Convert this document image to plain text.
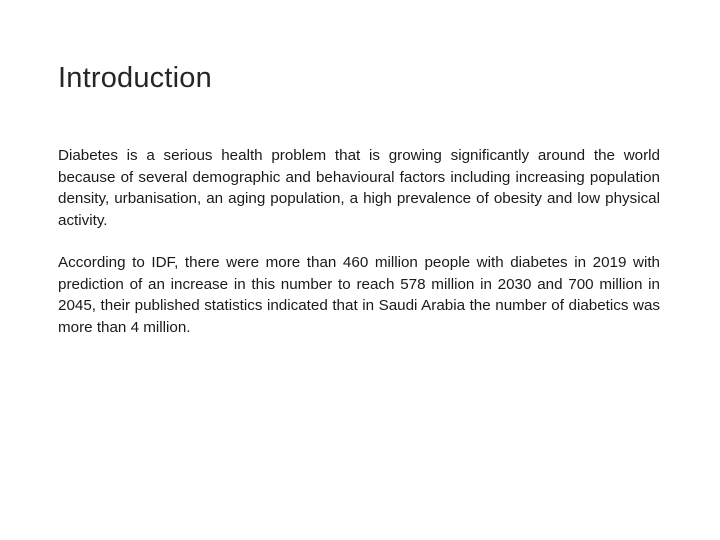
Introduction

Diabetes is a serious health problem that is growing significantly around the world because of several demographic and behavioural factors including increasing population density, urbanisation, an aging population, a high prevalence of obesity and low physical activity.

According to IDF, there were more than 460 million people with diabetes in 2019 with prediction of an increase in this number to reach 578 million in 2030 and 700 million in 2045, their published statistics indicated that in Saudi Arabia the number of diabetics was more than 4 million.
